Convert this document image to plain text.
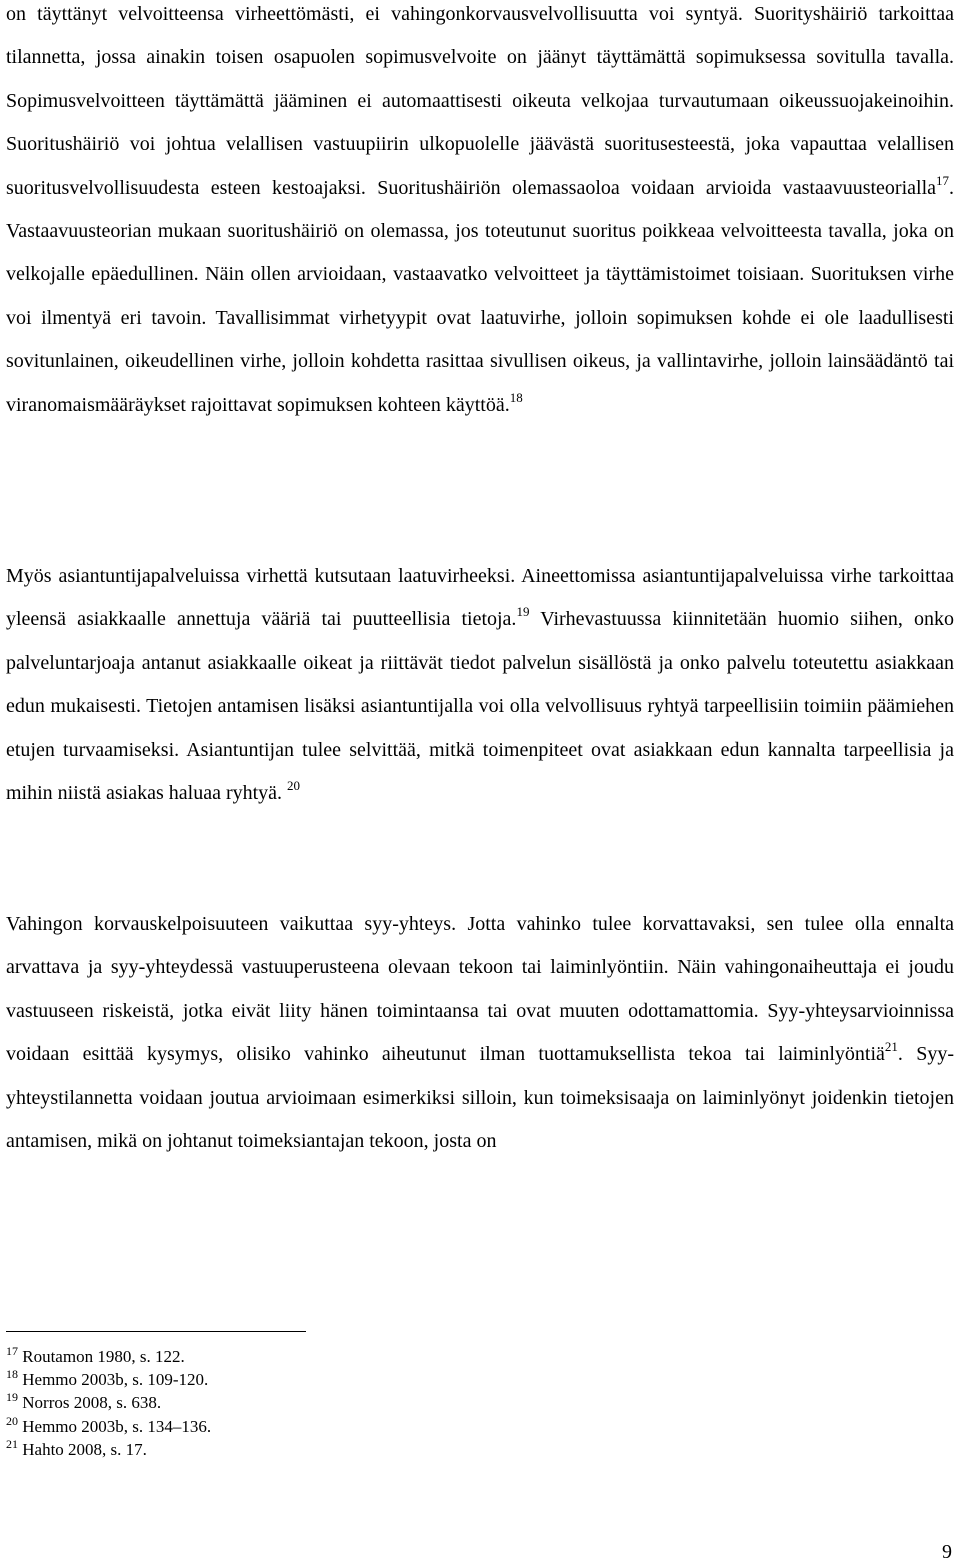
on täyttänyt velvoitteensa virheettömästi, ei vahingonkorvausvelvollisuutta voi syntyä. Suorityshäiriö tarkoittaa tilannetta, jossa ainakin toisen osapuolen sopimusvelvoite on jäänyt täyttämättä sopimuksessa sovitulla tavalla. Sopimusvelvoitteen täyttämättä jääminen ei automaattisesti oikeuta velkojaa turvautumaan oikeussuojakeinoihin. Suoritushäiriö voi johtua velallisen vastuupiirin ulkopuolelle jäävästä suoritusesteestä, joka vapauttaa velallisen suoritusvelvollisuudesta esteen kestoajaksi. Suoritushäiriön olemassaoloa voidaan arvioida vastaavuusteorialla$^{17}$. Vastaavuusteorian mukaan suoritushäiriö on olemassa, jos toteutunut suoritus poikkeaa velvoitteesta tavalla, joka on velkojalle epäedullinen. Näin ollen arvioidaan, vastaavatko velvoitteet ja täyttämistoimet toisiaan. Suorituksen virhe voi ilmentyä eri tavoin. Tavallisimmat virhetyypit ovat laatuvirhe, jolloin sopimuksen kohde ei ole laadullisesti sovitunlainen, oikeudellinen virhe, jolloin kohdetta rasittaa sivullisen oikeus, ja vallintavirhe, jolloin lainsäädäntö tai viranomaismääräykset rajoittavat sopimuksen kohteen käyttöä.$^{18}$

Myös asiantuntijapalveluissa virhettä kutsutaan laatuvirheeksi. Aineettomissa asiantuntijapalveluissa virhe tarkoittaa yleensä asiakkaalle annettuja vääriä tai puutteellisia tietoja.$^{19}$ Virhevastuussa kiinnitetään huomio siihen, onko palveluntarjoaja antanut asiakkaalle oikeat ja riittävät tiedot palvelun sisällöstä ja onko palvelu toteutettu asiakkaan edun mukaisesti. Tietojen antamisen lisäksi asiantuntijalla voi olla velvollisuus ryhtyä tarpeellisiin toimiin päämiehen etujen turvaamiseksi. Asiantuntijan tulee selvittää, mitkä toimenpiteet ovat asiakkaan edun kannalta tarpeellisia ja mihin niistä asiakas haluaa ryhtyä. $^{20}$

Vahingon korvauskelpoisuuteen vaikuttaa syy-yhteys. Jotta vahinko tulee korvattavaksi, sen tulee olla ennalta arvattava ja syy-yhteydessä vastuuperusteena olevaan tekoon tai laiminlyöntiin. Näin vahingonaiheuttaja ei joudu vastuuseen riskeistä, jotka eivät liity hänen toimintaansa tai ovat muuten odottamattomia. Syy-yhteysarvioinnissa voidaan esittää kysymys, olisiko vahinko aiheutunut ilman tuottamuksellista tekoa tai laiminlyöntiä$^{21}$. Syy-yhteystilannetta voidaan joutua arvioimaan esimerkiksi silloin, kun toimeksisaaja on laiminlyönyt joidenkin tietojen antamisen, mikä on johtanut toimeksiantajan tekoon, josta on

$^{17}$ Routamon 1980, s. 122.
$^{18}$ Hemmo 2003b, s. 109-120.
$^{19}$ Norros 2008, s. 638.
$^{20}$ Hemmo 2003b, s. 134–136.
$^{21}$ Hahto 2008, s. 17.
9
